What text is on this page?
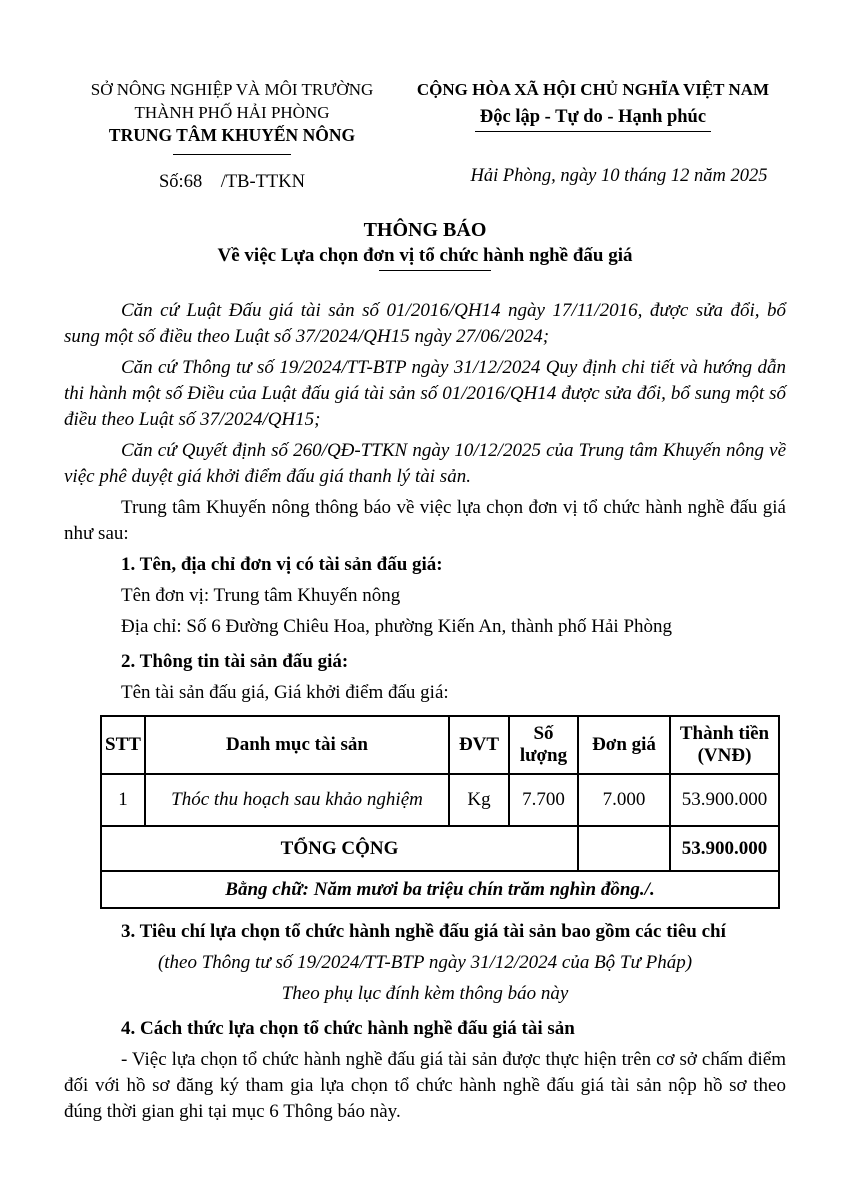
SỞ NÔNG NGHIỆP VÀ MÔI TRƯỜNG
THÀNH PHỐ HẢI PHÒNG
TRUNG TÂM KHUYẾN NÔNG
Số:68    /TB-TTKN
CỘNG HÒA XÃ HỘI CHỦ NGHĨA VIỆT NAM
Độc lập - Tự do - Hạnh phúc
Hải Phòng, ngày 10 tháng 12 năm 2025
THÔNG BÁO
Về việc Lựa chọn đơn vị tổ chức hành nghề đấu giá

Căn cứ Luật Đấu giá tài sản số 01/2016/QH14 ngày 17/11/2016, được sửa đổi, bổ sung một số điều theo Luật số 37/2024/QH15 ngày 27/06/2024;

Căn cứ Thông tư số 19/2024/TT-BTP ngày 31/12/2024 Quy định chi tiết và hướng dẫn thi hành một số Điều của Luật đấu giá tài sản số 01/2016/QH14 được sửa đổi, bổ sung một số điều theo Luật số 37/2024/QH15;

Căn cứ Quyết định số 260/QĐ-TTKN ngày 10/12/2025 của Trung tâm Khuyến nông về việc phê duyệt giá khởi điểm đấu giá thanh lý tài sản.

Trung tâm Khuyến nông thông báo về việc lựa chọn đơn vị tổ chức hành nghề đấu giá như sau:

1. Tên, địa chỉ đơn vị có tài sản đấu giá:

Tên đơn vị: Trung tâm Khuyến nông

Địa chỉ: Số 6 Đường Chiêu Hoa, phường Kiến An, thành phố Hải Phòng

2. Thông tin tài sản đấu giá:

Tên tài sản đấu giá, Giá khởi điểm đấu giá:

STT	Danh mục tài sản	ĐVT	Số lượng	Đơn giá	Thành tiền (VNĐ)
1	Thóc thu hoạch sau khảo nghiệm	Kg	7.700	7.000	53.900.000
TỔNG CỘNG					53.900.000
Bằng chữ: Năm mươi ba triệu chín trăm nghìn đồng./.					

3. Tiêu chí lựa chọn tổ chức hành nghề đấu giá tài sản bao gồm các tiêu chí

(theo Thông tư số 19/2024/TT-BTP ngày 31/12/2024 của Bộ Tư Pháp)

Theo phụ lục đính kèm thông báo này

4. Cách thức lựa chọn tổ chức hành nghề đấu giá tài sản

- Việc lựa chọn tổ chức hành nghề đấu giá tài sản được thực hiện trên cơ sở chấm điểm đối với hồ sơ đăng ký tham gia lựa chọn tổ chức hành nghề đấu giá tài sản nộp hồ sơ theo đúng thời gian ghi tại mục 6 Thông báo này.
